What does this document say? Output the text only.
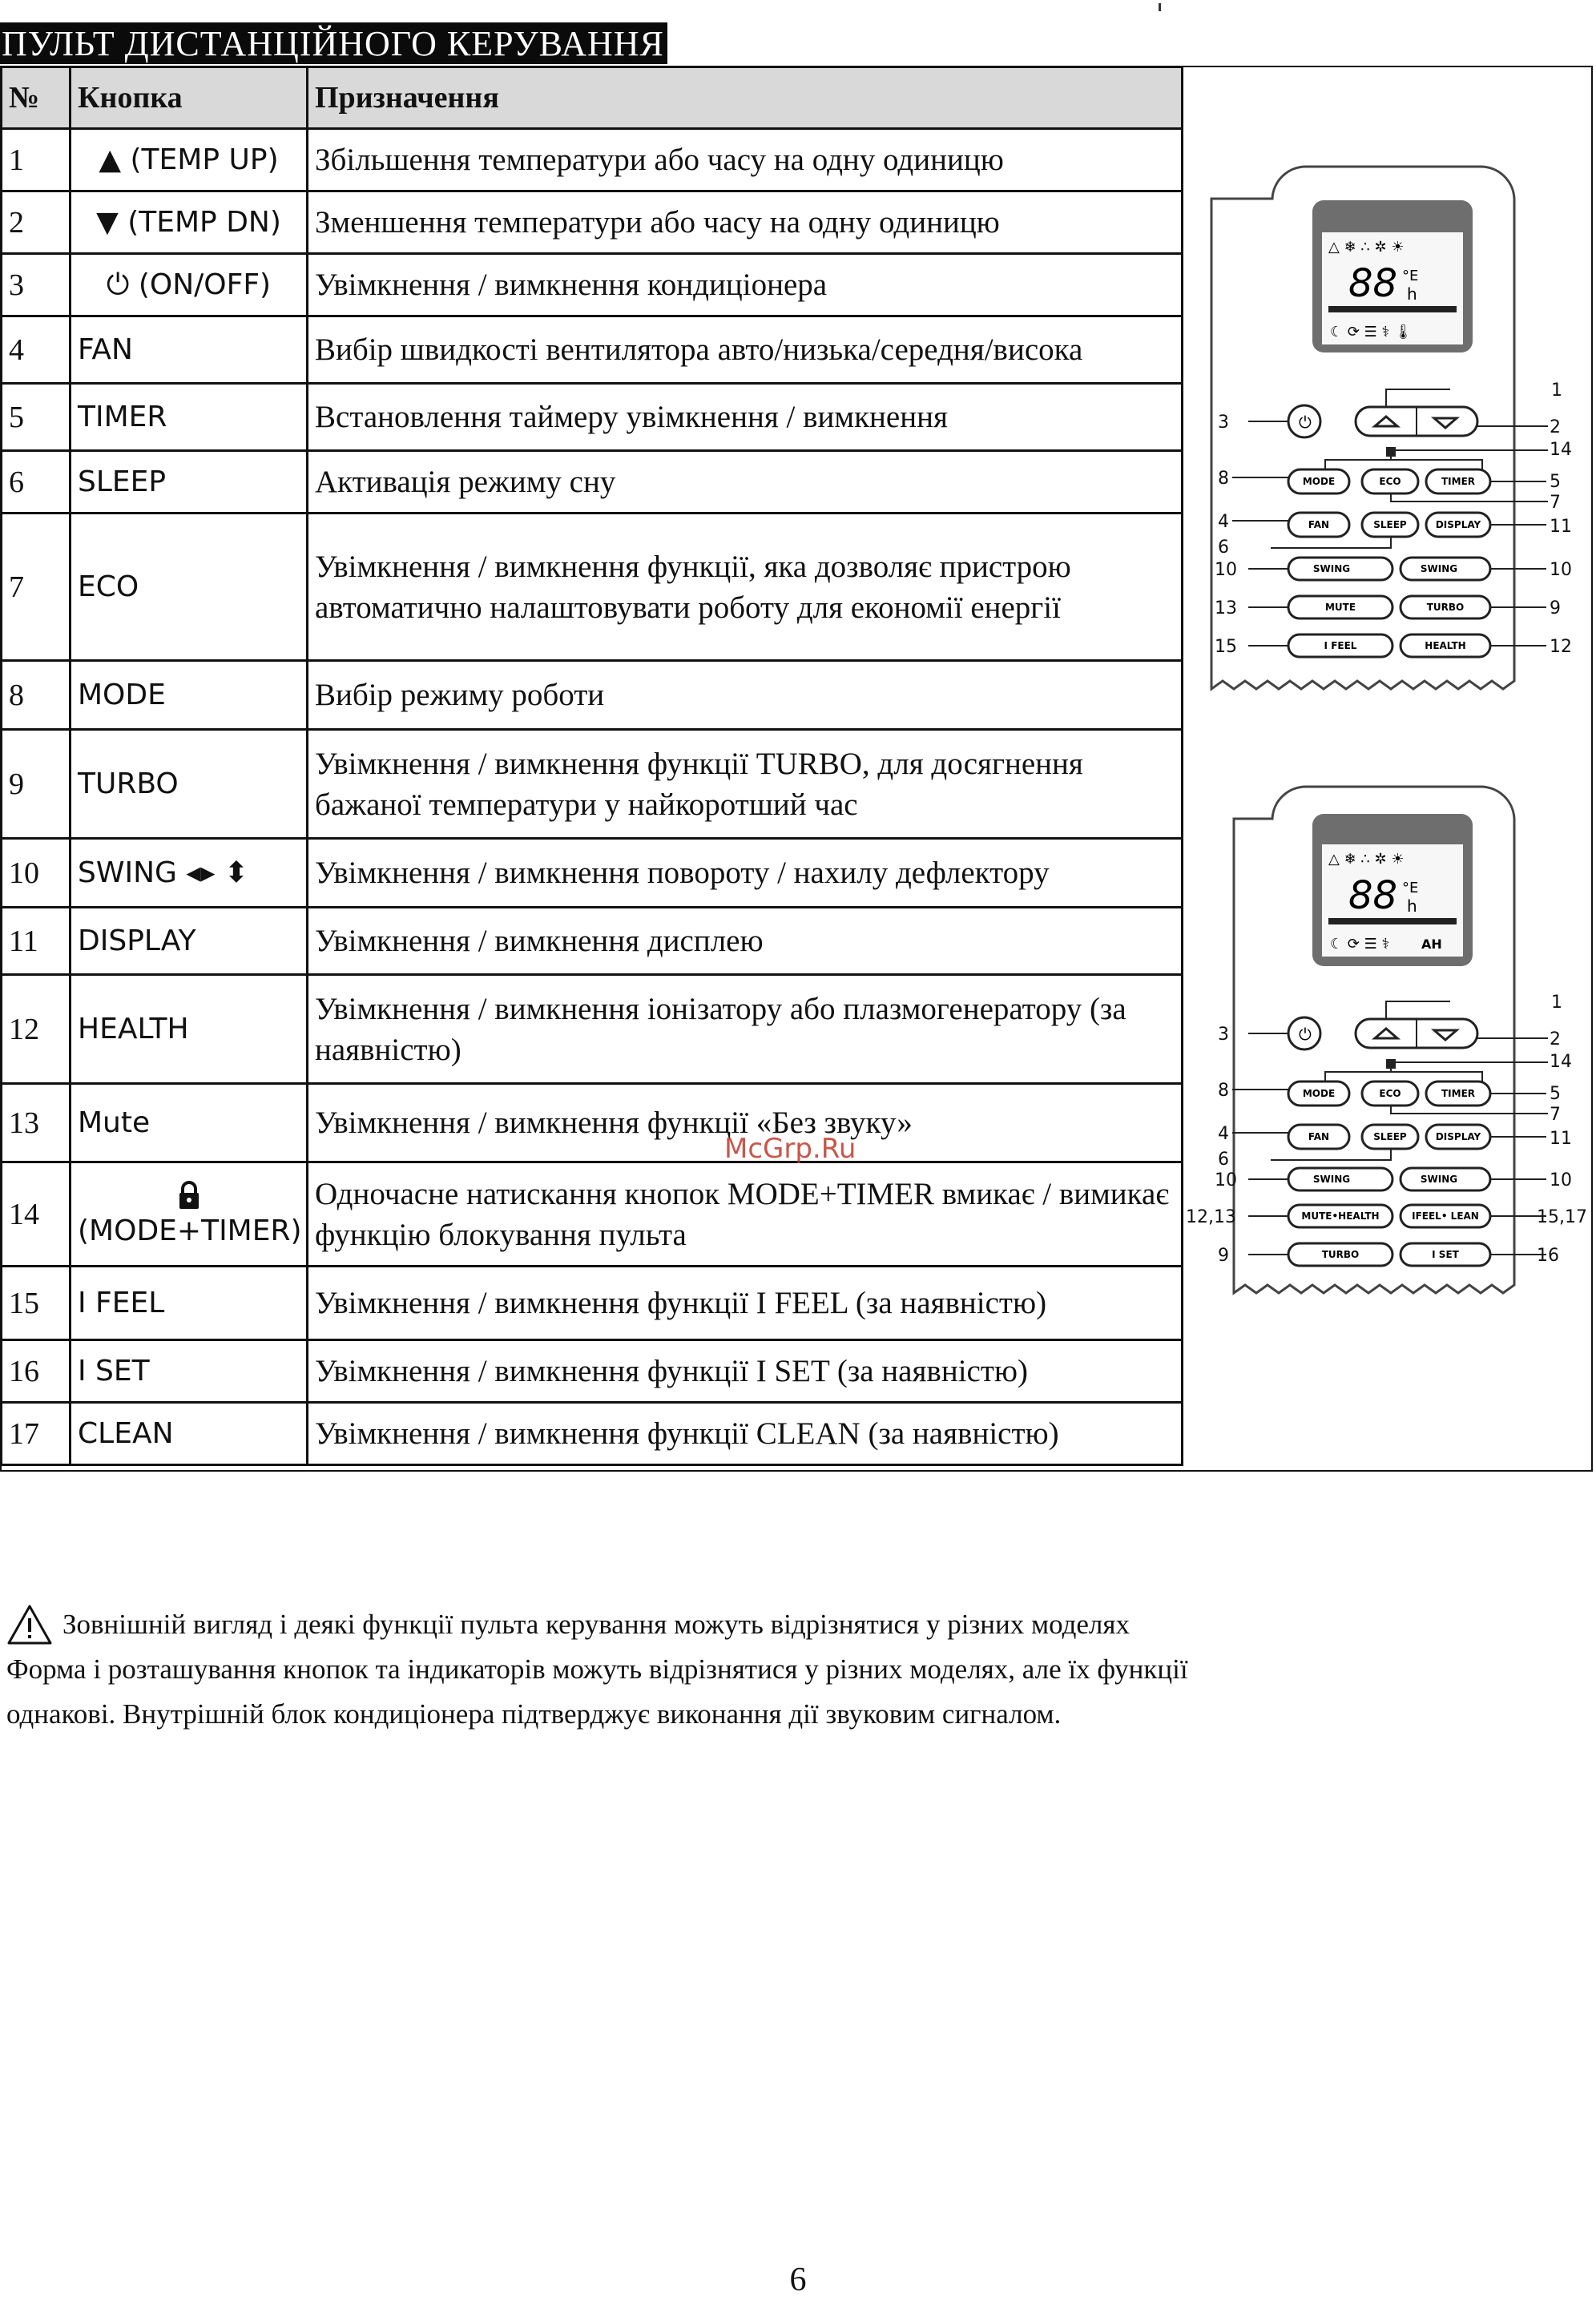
ПУЛЬТ ДИСТАНЦІЙНОГО КЕРУВАННЯ
№	Кнопка	Призначення
1	▲ (TEMP UP)	Збільшення температури або часу на одну одиницю
2	▼ (TEMP DN)	Зменшення температури або часу на одну одиницю
3	⏻ (ON/OFF)	Увімкнення / вимкнення кондиціонера
4	FAN	Вибір швидкості вентилятора авто/низька/середня/висока
5	TIMER	Встановлення таймеру увімкнення / вимкнення
6	SLEEP	Активація режиму сну
7	ECO	Увімкнення / вимкнення функції, яка дозволяє пристрою автоматично налаштовувати роботу для економії енергії
8	MODE	Вибір режиму роботи
9	TURBO	Увімкнення / вимкнення функції TURBO, для досягнення бажаної температури у найкоротший час
10	SWING ◂▸ ⬍	Увімкнення / вимкнення повороту / нахилу дефлектору
11	DISPLAY	Увімкнення / вимкнення дисплею
12	HEALTH	Увімкнення / вимкнення іонізатору або плазмогенератору (за наявністю)
13	Mute	Увімкнення / вимкнення функції «Без звуку»
14	(MODE+TIMER)	Одночасне натискання кнопок MODE+TIMER вмикає / вимикає функцію блокування пульта
15	I FEEL	Увімкнення / вимкнення функції I FEEL (за наявністю)
16	I SET	Увімкнення / вимкнення функції I SET (за наявністю)
17	CLEAN	Увімкнення / вимкнення функції CLEAN (за наявністю)
△ ❄ ∴ ✲ ☀
88 °E
h
☾ ⟳ ☰ ⚕ 🌡
⏻
MODE	ECO	TIMER
FAN	SLEEP	DISPLAY
SWING	SWING
MUTE	TURBO
I FEEL	HEALTH
1
2
3
8
14
5
7
4	11
6
10	10
13	9
15	12
△ ❄ ∴ ✲ ☀
88 °E
h
☾ ⟳ ☰ ⚕ AH
⏻
MODE	ECO	TIMER
FAN	SLEEP	DISPLAY
SWING	SWING
MUTE•HEALTH	IFEEL• LEAN
TURBO	I SET
1
2
3
8
14
5
7
4	11
6
10	10
12,13	15,17
9	16
McGrp.Ru
Зовнішній вигляд і деякі функції пульта керування можуть відрізнятися у різних моделях
Форма і розташування кнопок та індикаторів можуть відрізнятися у різних моделях, але їх функції
однакові. Внутрішній блок кондиціонера підтверджує виконання дії звуковим сигналом.
6
